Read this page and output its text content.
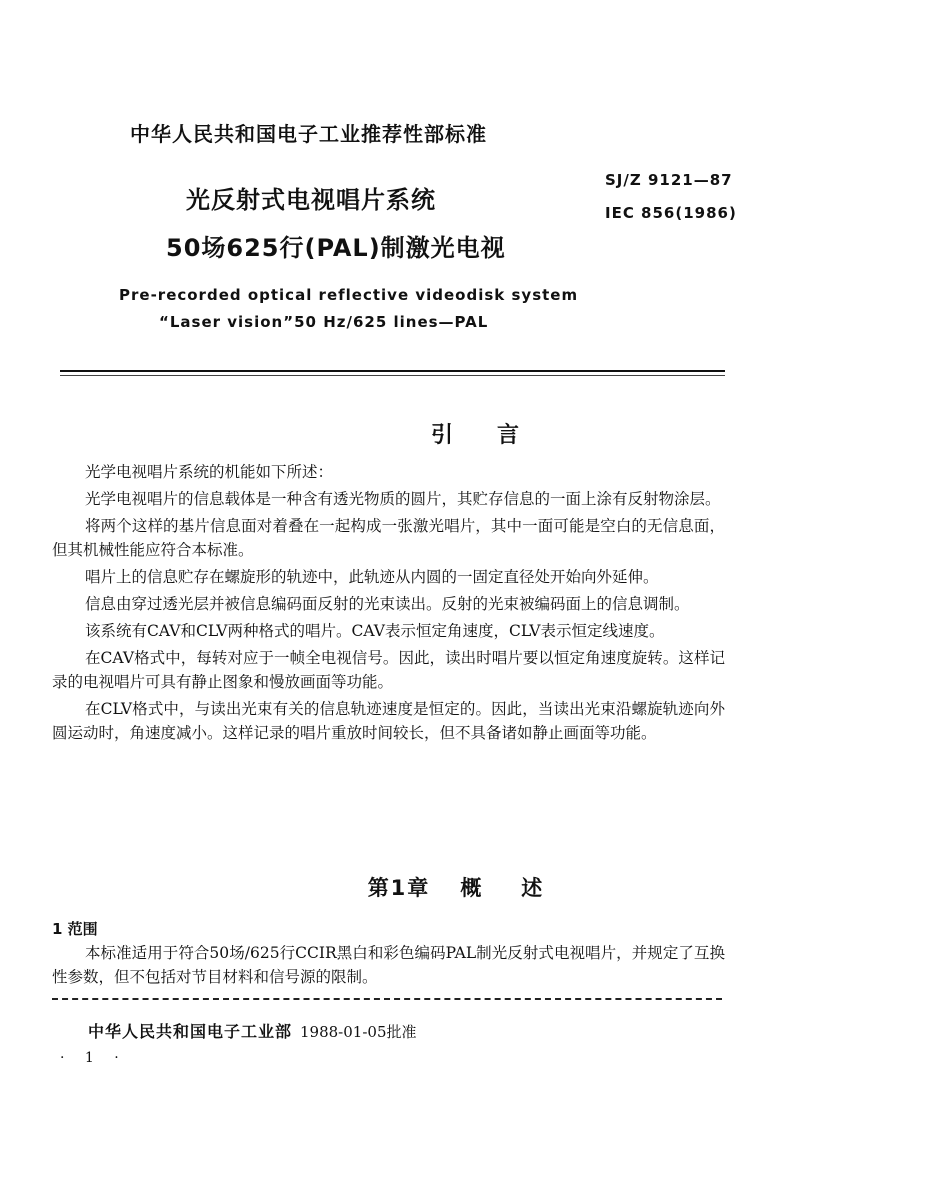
中华人民共和国电子工业推荐性部标准
SJ/Z 9121—87
IEC 856(1986)
光反射式电视唱片系统
50场625行(PAL)制激光电视
Pre-recorded optical reflective videodisk system
“Laser vision”50 Hz/625 lines—PAL
引言

光学电视唱片系统的机能如下所述：

光学电视唱片的信息载体是一种含有透光物质的圆片，其贮存信息的一面上涂有反射物涂层。

将两个这样的基片信息面对着叠在一起构成一张激光唱片，其中一面可能是空白的无信息面，但其机械性能应符合本标准。

唱片上的信息贮存在螺旋形的轨迹中，此轨迹从内圆的一固定直径处开始向外延伸。

信息由穿过透光层并被信息编码面反射的光束读出。反射的光束被编码面上的信息调制。

该系统有CAV和CLV两种格式的唱片。CAV表示恒定角速度，CLV表示恒定线速度。

在CAV格式中，每转对应于一帧全电视信号。因此，读出时唱片要以恒定角速度旋转。这样记录的电视唱片可具有静止图象和慢放画面等功能。

在CLV格式中，与读出光束有关的信息轨迹速度是恒定的。因此，当读出光束沿螺旋轨迹向外圆运动时，角速度减小。这样记录的唱片重放时间较长，但不具备诸如静止画面等功能。

第1章 概述
1 范围

本标准适用于符合50场/625行CCIR黑白和彩色编码PAL制光反射式电视唱片，并规定了互换性参数，但不包括对节目材料和信号源的限制。

中华人民共和国电子工业部 1988-01-05批准
· 1 ·
